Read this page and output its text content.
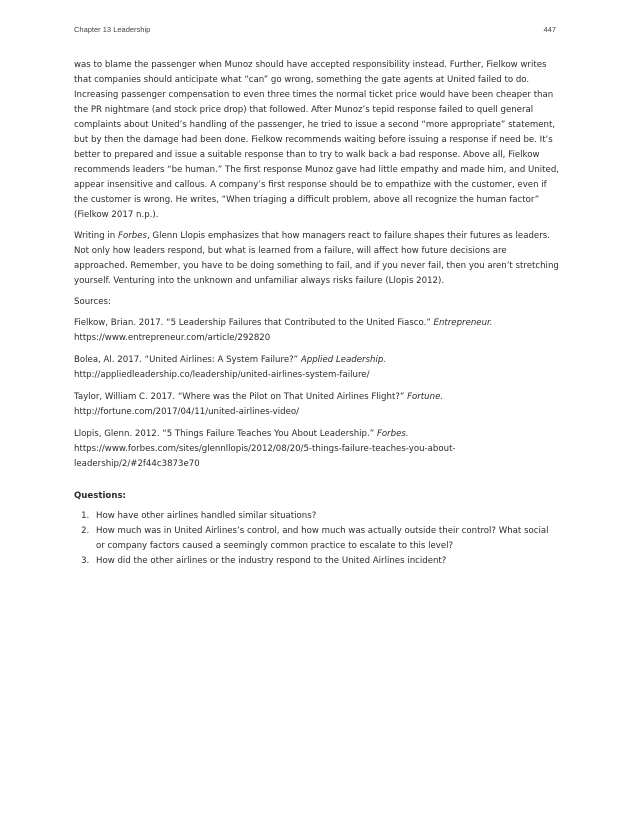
Chapter 13 Leadership	447

was to blame the passenger when Munoz should have accepted responsibility instead. Further, Fielkow writes that companies should anticipate what “can” go wrong, something the gate agents at United failed to do. Increasing passenger compensation to even three times the normal ticket price would have been cheaper than the PR nightmare (and stock price drop) that followed. After Munoz’s tepid response failed to quell general complaints about United’s handling of the passenger, he tried to issue a second “more appropriate” statement, but by then the damage had been done. Fielkow recommends waiting before issuing a response if need be. It’s better to prepared and issue a suitable response than to try to walk back a bad response. Above all, Fielkow recommends leaders “be human.” The first response Munoz gave had little empathy and made him, and United, appear insensitive and callous. A company’s first response should be to empathize with the customer, even if the customer is wrong. He writes, “When triaging a difficult problem, above all recognize the human factor” (Fielkow 2017 n.p.).

Writing in Forbes, Glenn Llopis emphasizes that how managers react to failure shapes their futures as leaders. Not only how leaders respond, but what is learned from a failure, will affect how future decisions are approached. Remember, you have to be doing something to fail, and if you never fail, then you aren’t stretching yourself. Venturing into the unknown and unfamiliar always risks failure (Llopis 2012).

Sources:

Fielkow, Brian. 2017. “5 Leadership Failures that Contributed to the United Fiasco.” Entrepreneur. https://www.entrepreneur.com/article/292820

Bolea, Al. 2017. “United Airlines: A System Failure?” Applied Leadership. http://appliedleadership.co/leadership/united-airlines-system-failure/

Taylor, William C. 2017. “Where was the Pilot on That United Airlines Flight?” Fortune. http://fortune.com/2017/04/11/united-airlines-video/

Llopis, Glenn. 2012. “5 Things Failure Teaches You About Leadership.” Forbes. https://www.forbes.com/sites/glennllopis/2012/08/20/5-things-failure-teaches-you-about-leadership/2/#2f44c3873e70

Questions:

1. How have other airlines handled similar situations?
2. How much was in United Airlines’s control, and how much was actually outside their control? What social or company factors caused a seemingly common practice to escalate to this level?
3. How did the other airlines or the industry respond to the United Airlines incident?
